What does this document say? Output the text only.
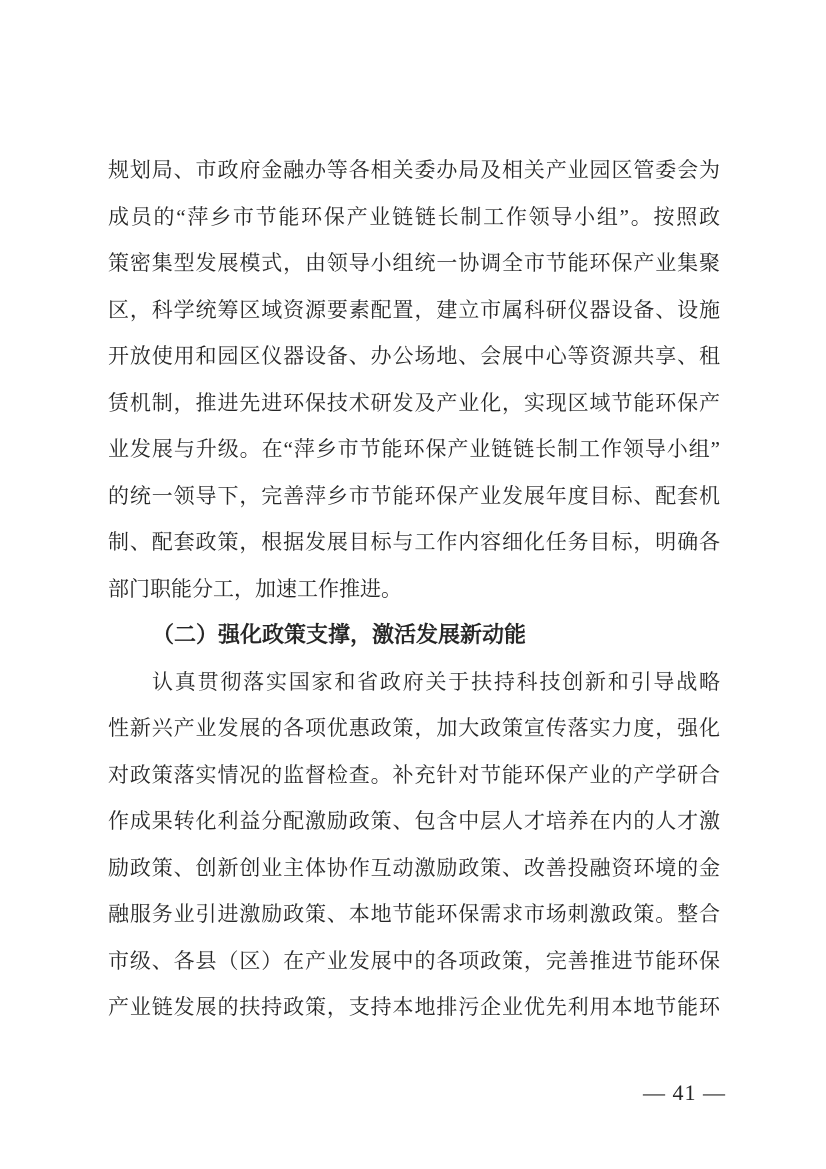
规划局、市政府金融办等各相关委办局及相关产业园区管委会为
成员的“萍乡市节能环保产业链链长制工作领导小组”。按照政
策密集型发展模式，由领导小组统一协调全市节能环保产业集聚
区，科学统筹区域资源要素配置，建立市属科研仪器设备、设施
开放使用和园区仪器设备、办公场地、会展中心等资源共享、租
赁机制，推进先进环保技术研发及产业化，实现区域节能环保产
业发展与升级。在“萍乡市节能环保产业链链长制工作领导小组”
的统一领导下，完善萍乡市节能环保产业发展年度目标、配套机
制、配套政策，根据发展目标与工作内容细化任务目标，明确各
部门职能分工，加速工作推进。
（二）强化政策支撑，激活发展新动能
认真贯彻落实国家和省政府关于扶持科技创新和引导战略
性新兴产业发展的各项优惠政策，加大政策宣传落实力度，强化
对政策落实情况的监督检查。补充针对节能环保产业的产学研合
作成果转化利益分配激励政策、包含中层人才培养在内的人才激
励政策、创新创业主体协作互动激励政策、改善投融资环境的金
融服务业引进激励政策、本地节能环保需求市场刺激政策。整合
市级、各县（区）在产业发展中的各项政策，完善推进节能环保
产业链发展的扶持政策，支持本地排污企业优先利用本地节能环
— 41 —
